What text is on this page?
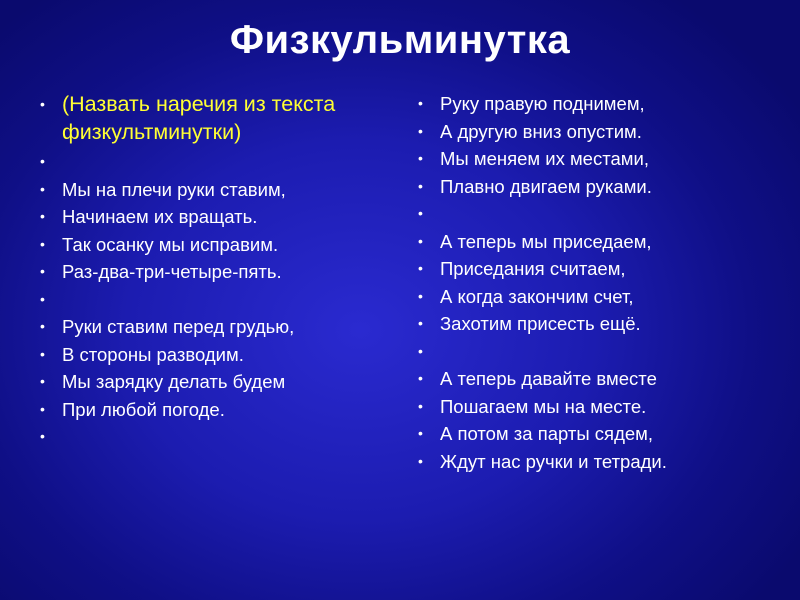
Физкульминутка
• (Назвать наречия из текста физкультминутки)
•
• Мы на плечи руки ставим,
• Начинаем их вращать.
• Так осанку мы исправим.
• Раз-два-три-четыре-пять.
•
• Руки ставим перед грудью,
• В стороны разводим.
• Мы зарядку делать будем
• При любой погоде.
•
• Руку правую поднимем,
• А другую вниз опустим.
• Мы меняем их местами,
• Плавно двигаем руками.
•
• А теперь мы приседаем,
• Приседания считаем,
• А когда закончим счет,
• Захотим присесть ещё.
•
• А теперь давайте вместе
• Пошагаем мы на месте.
• А потом за парты сядем,
• Ждут нас ручки и тетради.
